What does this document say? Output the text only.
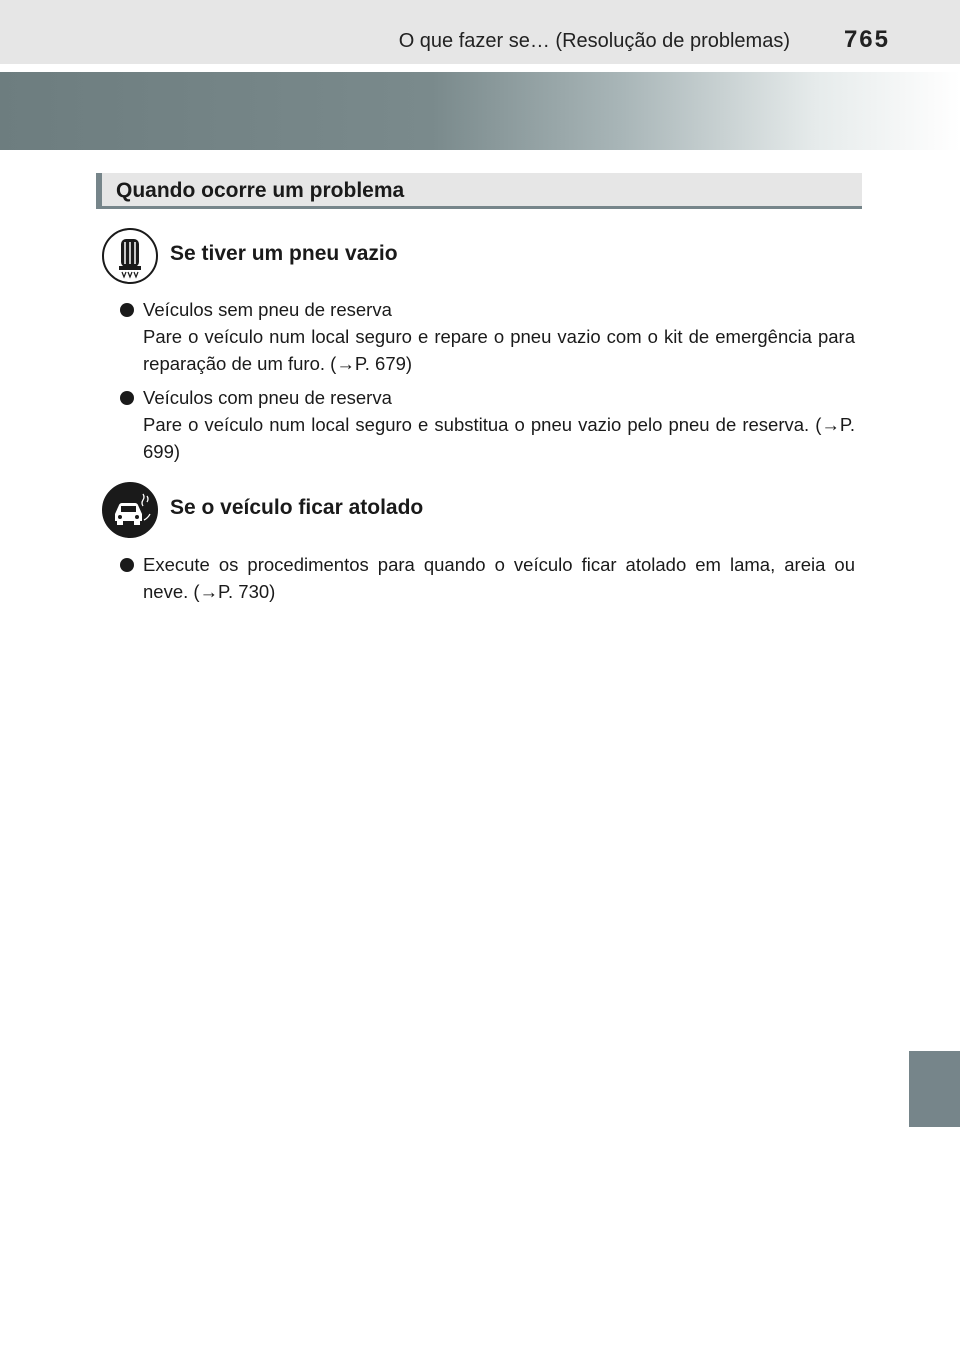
O que fazer se… (Resolução de problemas) 765
Quando ocorre um problema
Se tiver um pneu vazio
Veículos sem pneu de reserva
Pare o veículo num local seguro e repare o pneu vazio com o kit de emergência para reparação de um furo. (→P. 679)
Veículos com pneu de reserva
Pare o veículo num local seguro e substitua o pneu vazio pelo pneu de reserva. (→P. 699)
Se o veículo ficar atolado
Execute os procedimentos para quando o veículo ficar atolado em lama, areia ou neve. (→P. 730)
